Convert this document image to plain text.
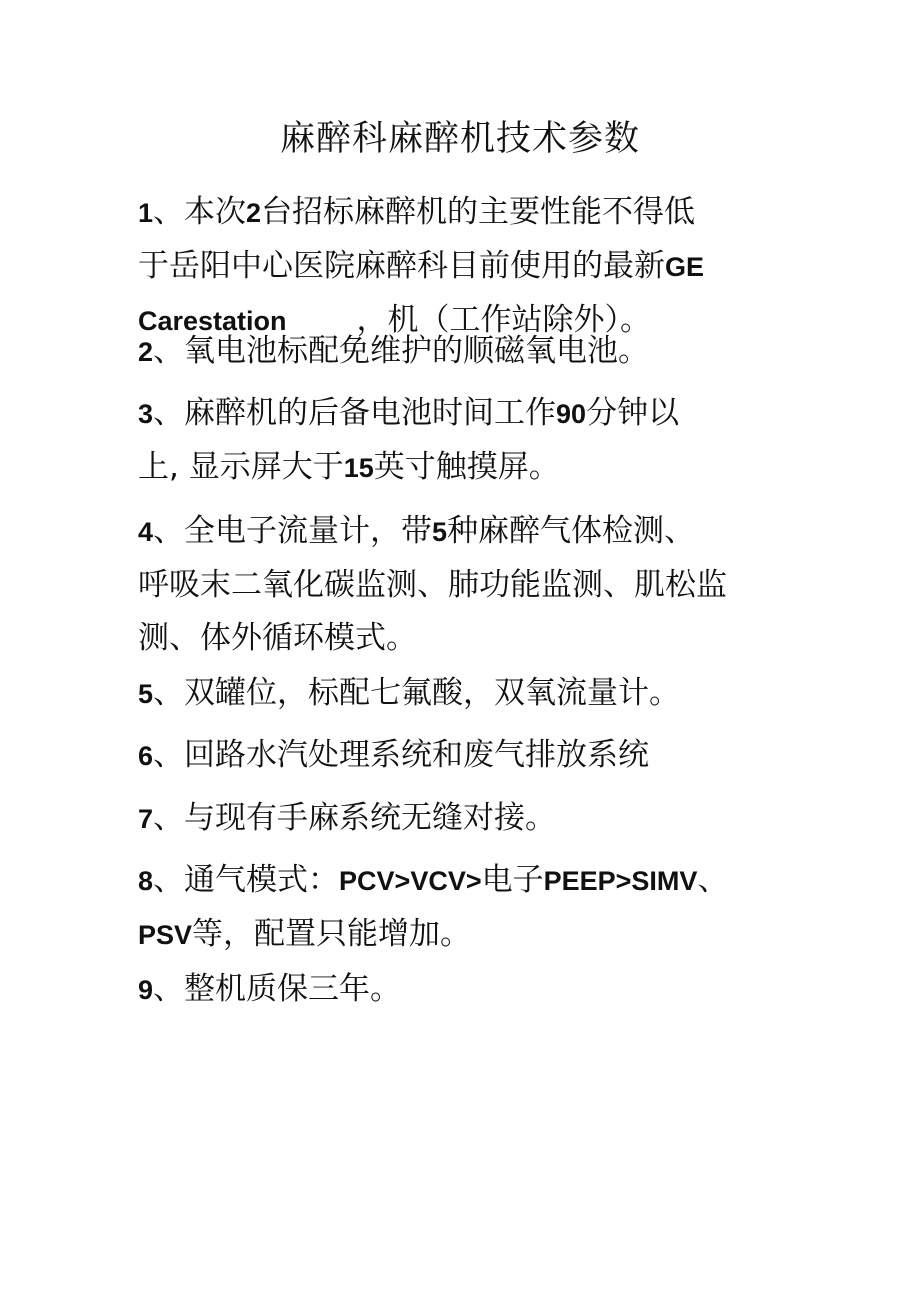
麻醉科麻醉机技术参数
1、本次2台招标麻醉机的主要性能不得低
于岳阳中心医院麻醉科目前使用的最新GE
Carestation ，机（工作站除外）。
2、氧电池标配免维护的顺磁氧电池。
3、麻醉机的后备电池时间工作90分钟以
上, 显示屏大于15英寸触摸屏。
4、全电子流量计，带5种麻醉气体检测、
呼吸末二氧化碳监测、肺功能监测、肌松监
测、体外循环模式。
5、双罐位，标配七氟酸，双氧流量计。
6、回路水汽处理系统和废气排放系统
7、与现有手麻系统无缝对接。
8、通气模式：PCV>VCV>电子PEEP>SIMV、
PSV等，配置只能增加。
9、整机质保三年。
